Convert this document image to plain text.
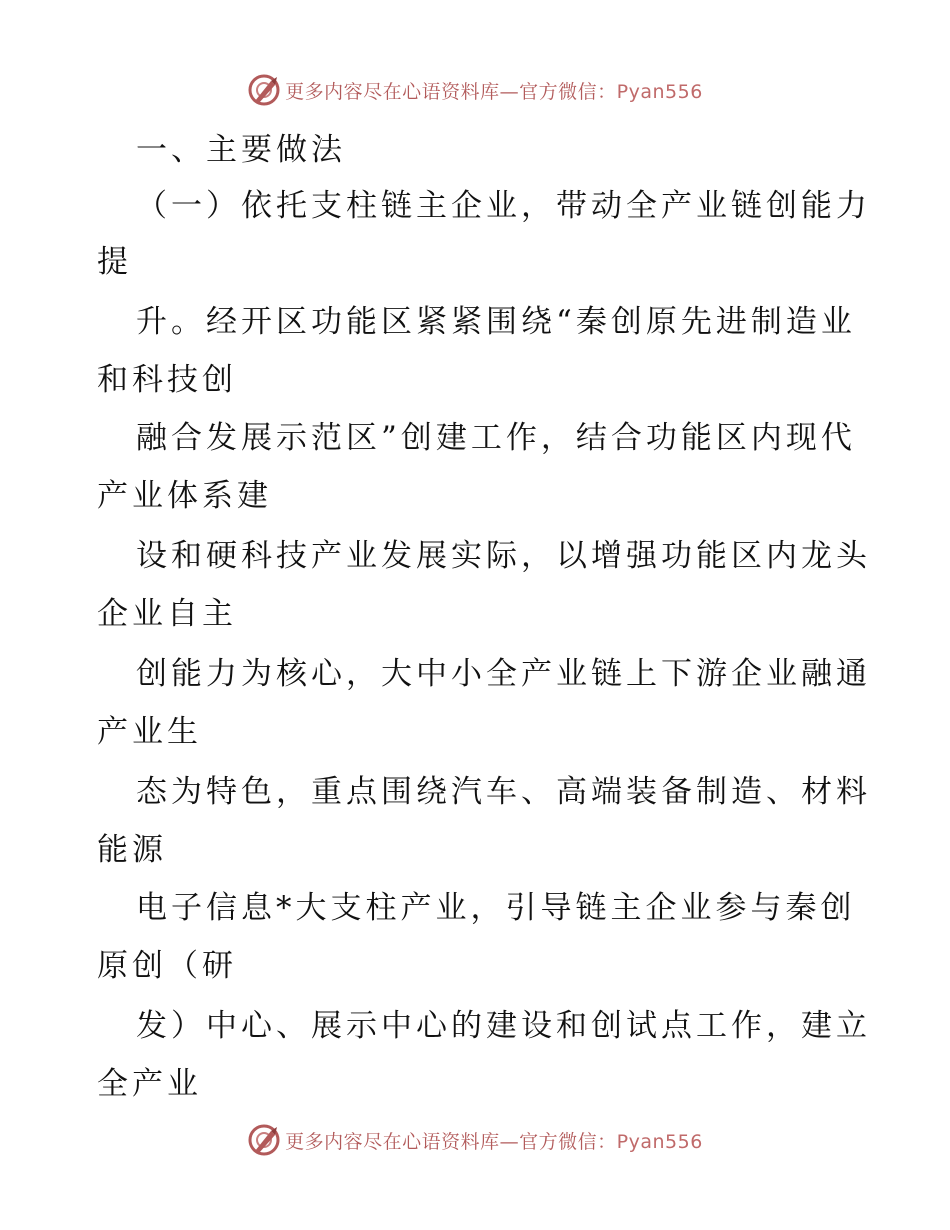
更多内容尽在心语资料库—官方微信：Pyan556
一、主要做法
（一）依托支柱链主企业，带动全产业链创能力
提
升。经开区功能区紧紧围绕“秦创原先进制造业
和科技创
融合发展示范区”创建工作，结合功能区内现代
产业体系建
设和硬科技产业发展实际，以增强功能区内龙头
企业自主
创能力为核心，大中小全产业链上下游企业融通
产业生
态为特色，重点围绕汽车、高端装备制造、材料
能源
电子信息*大支柱产业，引导链主企业参与秦创
原创（研
发）中心、展示中心的建设和创试点工作，建立
全产业
更多内容尽在心语资料库—官方微信：Pyan556
